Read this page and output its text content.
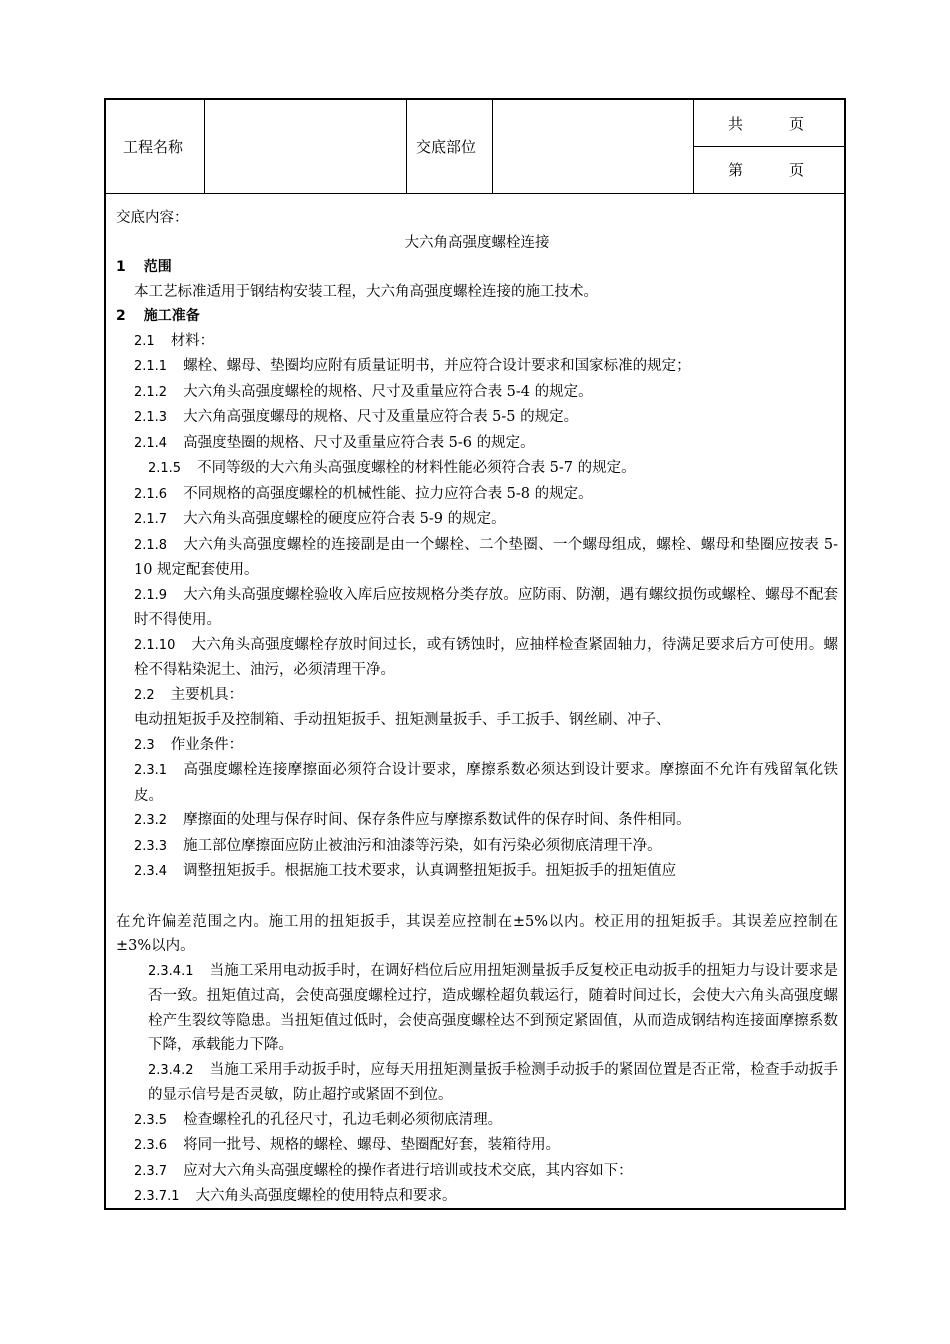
工程名称	交底部位
共	页
第	页
交底内容：
大六角高强度螺栓连接
1 范围
本工艺标准适用于钢结构安装工程，大六角高强度螺栓连接的施工技术。
2 施工准备
2.1 材料：
2.1.1 螺栓、螺母、垫圈均应附有质量证明书，并应符合设计要求和国家标准的规定；
2.1.2 大六角头高强度螺栓的规格、尺寸及重量应符合表 5-4 的规定。
2.1.3 大六角高强度螺母的规格、尺寸及重量应符合表 5-5 的规定。
2.1.4 高强度垫圈的规格、尺寸及重量应符合表 5-6 的规定。
2.1.5 不同等级的大六角头高强度螺栓的材料性能必须符合表 5-7 的规定。
2.1.6 不同规格的高强度螺栓的机械性能、拉力应符合表 5-8 的规定。
2.1.7 大六角头高强度螺栓的硬度应符合表 5-9 的规定。
2.1.8 大六角头高强度螺栓的连接副是由一个螺栓、二个垫圈、一个螺母组成，螺栓、螺母和垫圈应按表 5-10 规定配套使用。
2.1.9 大六角头高强度螺栓验收入库后应按规格分类存放。应防雨、防潮，遇有螺纹损伤或螺栓、螺母不配套时不得使用。
2.1.10 大六角头高强度螺栓存放时间过长，或有锈蚀时，应抽样检查紧固轴力，待满足要求后方可使用。螺栓不得粘染泥土、油污，必须清理干净。
2.2 主要机具：
电动扭矩扳手及控制箱、手动扭矩扳手、扭矩测量扳手、手工扳手、钢丝刷、冲子、
2.3 作业条件：
2.3.1 高强度螺栓连接摩擦面必须符合设计要求，摩擦系数必须达到设计要求。摩擦面不允许有残留氧化铁皮。
2.3.2 摩擦面的处理与保存时间、保存条件应与摩擦系数试件的保存时间、条件相同。
2.3.3 施工部位摩擦面应防止被油污和油漆等污染，如有污染必须彻底清理干净。
2.3.4 调整扭矩扳手。根据施工技术要求，认真调整扭矩扳手。扭矩扳手的扭矩值应
在允许偏差范围之内。施工用的扭矩扳手，其误差应控制在±5%以内。校正用的扭矩扳手。其误差应控制在±3%以内。
2.3.4.1 当施工采用电动扳手时，在调好档位后应用扭矩测量扳手反复校正电动扳手的扭矩力与设计要求是否一致。扭矩值过高，会使高强度螺栓过拧，造成螺栓超负载运行，随着时间过长，会使大六角头高强度螺栓产生裂纹等隐患。当扭矩值过低时，会使高强度螺栓达不到预定紧固值，从而造成钢结构连接面摩擦系数下降，承载能力下降。
2.3.4.2 当施工采用手动扳手时，应每天用扭矩测量扳手检测手动扳手的紧固位置是否正常，检查手动扳手的显示信号是否灵敏，防止超拧或紧固不到位。
2.3.5 检查螺栓孔的孔径尺寸，孔边毛刺必须彻底清理。
2.3.6 将同一批号、规格的螺栓、螺母、垫圈配好套，装箱待用。
2.3.7 应对大六角头高强度螺栓的操作者进行培训或技术交底，其内容如下：
2.3.7.1 大六角头高强度螺栓的使用特点和要求。
